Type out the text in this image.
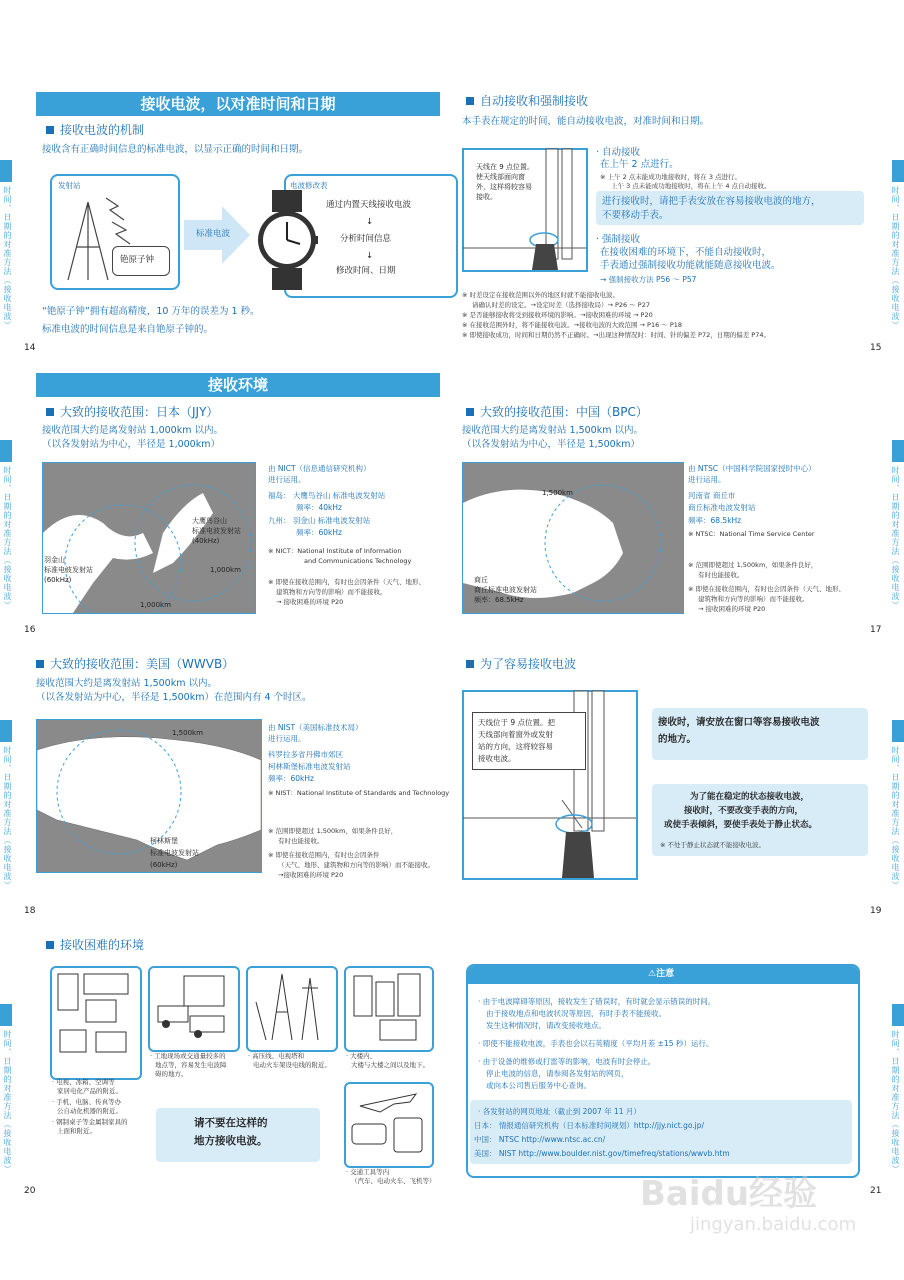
接收电波，以对准时间和日期
接收电波的机制
接收含有正确时间信息的标准电波，以显示正确的时间和日期。
发射站
铯原子钟
标准电波
电波修改表
通过内置天线接收电波
↓
分析时间信息
↓
修改时间、日期
“铯原子钟”拥有超高精度，10 万年的误差为 1 秒。
标准电波的时间信息是来自铯原子钟的。
14
自动接收和强制接收
本手表在规定的时间，能自动接收电波，对准时间和日期。
天线在 9 点位置。
使天线部面向窗
外，这样将较容易
接收。
· 自动接收
在上午 2 点进行。
※ 上午 2 点未能成功地接收时，将在 3 点进行。
上午 3 点未能成功地接收时，将在上午 4 点自动接收。
进行接收时，请把手表安放在容易接收电波的地方，
不要移动手表。
· 强制接收
在接收困难的环境下，不能自动接收时，
手表通过强制接收功能就能随意接收电波。
→ 强制接收方法 P56 ～ P57
※ 时差设定在接收范围以外的地区时就不能接收电波。
请确认时差的设定。→设定时差（选择接收局）→ P26 ～ P27
※ 是否能够接收将受到接收环境的影响。→接收困难的环境 → P20
※ 在接收范围外时，将不能接收电波。→接收电波的大致范围 → P16 ～ P18
※ 即使接收成功，时间和日期仍然不正确时。→出现这种情况时：时间、针的偏差 P72，日期的偏差 P74。
15
接收环境
大致的接收范围：日本（JJY）
接收范围大约是离发射站 1,000km 以内。
（以各发射站为中心，半径是 1,000km）
大鹰鸟谷山
标准电波发射站
(40kHz)
1,000km
羽金山
标准电波发射站
(60kHz)
1,000km
由 NICT（信息通信研究机构）
进行运用。
福岛： 大鹰鸟谷山 标准电波发射站
频率：40kHz
九州： 羽金山 标准电波发射站
频率：60kHz
※ NICT：National Institute of Information
and Communications Technology
※ 即使在接收范围内，有时也会因条件（天气、地形、
建筑物和方向等的影响）而不能接收。
→ 接收困难的环境 P20
16
大致的接收范围：中国（BPC）
接收范围大约是离发射站 1,500km 以内。
（以各发射站为中心，半径是 1,500km）
1,500km
商丘
商丘标准电波发射站
频率：68.5kHz
由 NTSC（中国科学院国家授时中心）
进行运用。
河南省 商丘市
商丘标准电波发射站
频率：68.5kHz
※ NTSC：National Time Service Center
※ 范围即使超过 1,500km，如果条件良好，
有时也能接收。
※ 即使在接收范围内，有时也会因条件（天气、地形、
建筑物和方向等的影响）而不能接收。
→ 接收困难的环境 P20
17
大致的接收范围：美国（WWVB）
接收范围大约是离发射站 1,500km 以内。
（以各发射站为中心，半径是 1,500km）在范围内有 4 个时区。
1,500km
柯林斯堡
标准电波发射站
(60kHz)
由 NIST（美国标准技术局）
进行运用。
科罗拉多省丹佛市郊区
柯林斯堡标准电波发射站
频率：60kHz
※ NIST：National Institute of Standards and Technology
※ 范围即使超过 1,500km，如果条件良好，
有时也能接收。
※ 即使在接收范围内，有时也会因条件
（天气、地形、建筑物和方向等的影响）而不能接收。
→接收困难的环境 P20
18
为了容易接收电波
天线位于 9 点位置。把
天线部向着窗外或发射
站的方向，这将较容易
接收电波。
接收时，请安放在窗口等容易接收电波
的地方。
为了能在稳定的状态接收电波，
接收时，不要改变手表的方向，
或使手表倾斜，要使手表处于静止状态。
※ 不处于静止状态就不能接收电波。
19
接收困难的环境
· 电视、冰箱、空调等
家居电化产品的附近。
· 手机、电脑、传真等办
公自动化机器的附近。
· 钢制桌子等金属制家具的
上面和附近。
· 工地现场或交通量较多的
地点等，容易发生电波障
碍的地方。
· 高压线、电视塔和
电动火车架设电线的附近。
· 大楼内、
大楼与大楼之间以及地下。
· 交通工具等内
（汽车、电动火车、飞机等）
请不要在这样的
地方接收电波。
20
⚠注意
· 由于电波障碍等原因，接收发生了错误时，有时就会显示错误的时间。
由于接收地点和电波状况等原因，有时手表不能接收。
发生这种情况时，请改变接收地点。
· 即使不能接收电波，手表也会以石英精度（平均月差 ±15 秒）运行。
· 由于设备的维修或打雷等的影响，电波有时会停止。
停止电波的信息，请参阅各发射站的网页，
或向本公司售后服务中心查询。
· 各发射站的网页地址（截止到 2007 年 11 月）
日本： 情报通信研究机构（日本标准时间规划）http://jjy.nict.go.jp/
中国： NTSC http://www.ntsc.ac.cn/
美国： NIST http://www.boulder.nist.gov/timefreq/stations/wwvb.htm
21
时间、日期的对准方法（接收电波）	时间、日期的对准方法（接收电波）
时间、日期的对准方法（接收电波）	时间、日期的对准方法（接收电波）
时间、日期的对准方法（接收电波）	时间、日期的对准方法（接收电波）
时间、日期的对准方法（接收电波）	时间、日期的对准方法（接收电波）
Baidu经验
jingyan.baidu.com
